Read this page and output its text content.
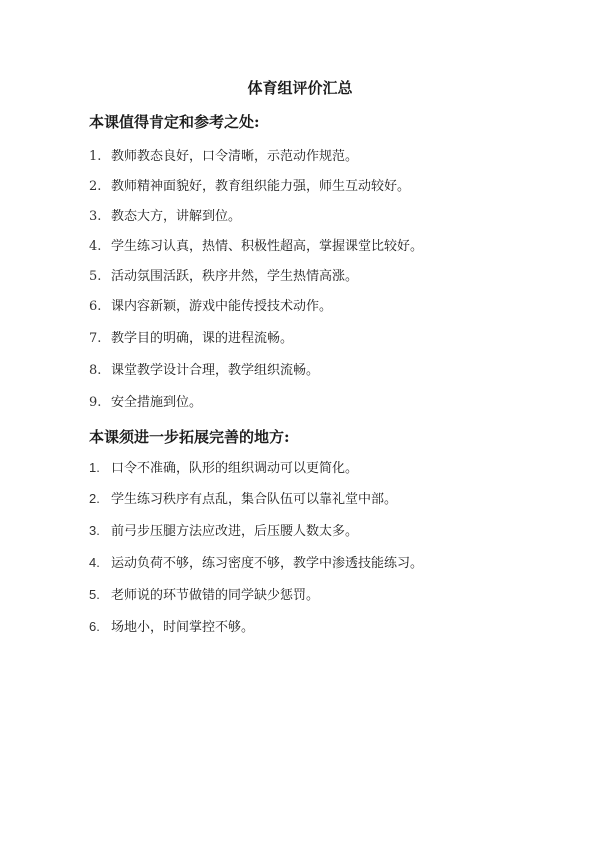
体育组评价汇总
本课值得肯定和参考之处:
1. 教师教态良好，口令清晰，示范动作规范。
2. 教师精神面貌好，教育组织能力强，师生互动较好。
3. 教态大方，讲解到位。
4. 学生练习认真，热情、积极性超高，掌握课堂比较好。
5. 活动氛围活跃，秩序井然，学生热情高涨。
6. 课内容新颖，游戏中能传授技术动作。
7. 教学目的明确，课的进程流畅。
8. 课堂教学设计合理，教学组织流畅。
9. 安全措施到位。
本课须进一步拓展完善的地方:
1. 口令不准确，队形的组织调动可以更简化。
2. 学生练习秩序有点乱，集合队伍可以靠礼堂中部。
3. 前弓步压腿方法应改进，后压腰人数太多。
4. 运动负荷不够，练习密度不够，教学中渗透技能练习。
5. 老师说的环节做错的同学缺少惩罚。
6. 场地小，时间掌控不够。
